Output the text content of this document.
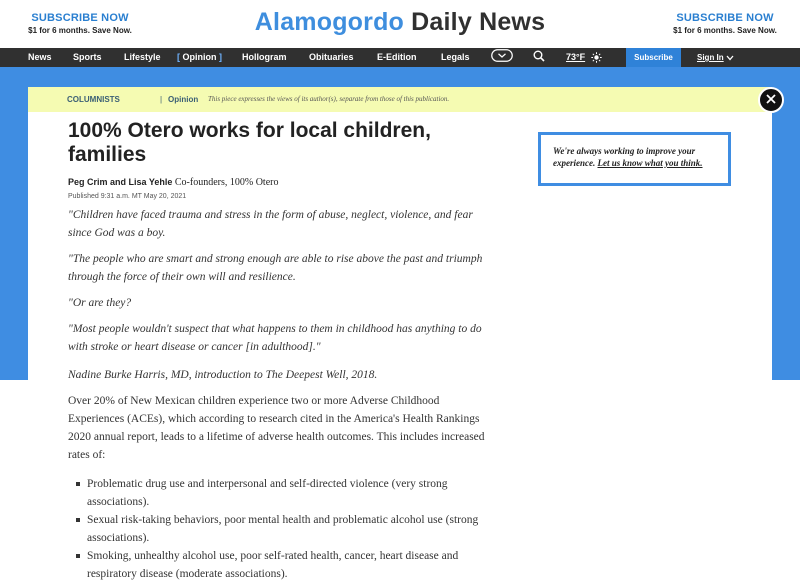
SUBSCRIBE NOW
$1 for 6 months. Save Now.	Alamogordo Daily News	SUBSCRIBE NOW
$1 for 6 months. Save Now.
News Sports Lifestyle [ Opinion ] Hollogram Obituaries	E-Edition	Legals	73°F	Subscribe	Sign In
COLUMNISTS	| Opinion This piece expresses the views of its author(s), separate from those of this publication.
100% Otero works for local children, families
Peg Crim and Lisa Yehle Co-founders, 100% Otero
Published 9:31 a.m. MT May 20, 2021
"Children have faced trauma and stress in the form of abuse, neglect, violence, and fear since God was a boy.
"The people who are smart and strong enough are able to rise above the past and triumph through the force of their own will and resilience.
"Or are they?
"Most people wouldn't suspect that what happens to them in childhood has anything to do with stroke or heart disease or cancer [in adulthood]."
Nadine Burke Harris, MD, introduction to The Deepest Well, 2018.
Over 20% of New Mexican children experience two or more Adverse Childhood Experiences (ACEs), which according to research cited in the America's Health Rankings 2020 annual report, leads to a lifetime of adverse health outcomes. This includes increased rates of:
Problematic drug use and interpersonal and self-directed violence (very strong associations).
Sexual risk-taking behaviors, poor mental health and problematic alcohol use (strong associations).
Smoking, unhealthy alcohol use, poor self-rated health, cancer, heart disease and respiratory disease (moderate associations).
We're always working to improve your experience. Let us know what you think.
